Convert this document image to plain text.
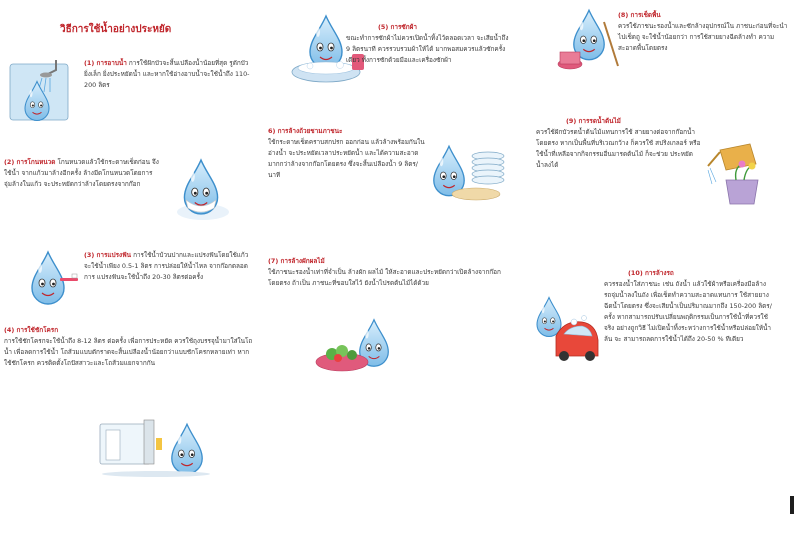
วิธีการใช้น้ำอย่างประหยัด
(1) การอาบน้ำ การใช้ฝักบัวจะสิ้นเปลืองน้ำน้อยที่สุด รูดักบัว ยิ่งเล็ก ยิ่งประหยัดน้ำ และหากใช้อ่างอาบน้ำจะใช้น้ำถึง 110-200 ลิตร
(2) การโกนหนวด โกนหนวดแล้วใช้กระดาษเช็ดก่อน จึงใช้น้ำ จากแก้วมาล้างอีกครั้ง ล้างมีดโกนหนวดโดยการ จุ่มล้างในแก้ว จะประหยัดกว่าล้างโดยตรงจากก๊อก
(3) การแปรงฟัน การใช้น้ำบ้วนปากและแปรงฟันโดยใช้แก้ว จะใช้น้ำเพียง 0.5-1 ลิตร การปล่อยให้น้ำไหล จากก๊อกตลอดการ แปรงฟันจะใช้น้ำถึง 20-30 ลิตรต่อครั้ง
(4) การใช้ชักโครก
การใช้ชักโครกจะใช้น้ำถึง 8-12 ลิตร ต่อครั้ง เพื่อการประหยัด ควรใช้ถุงบรรจุน้ำมาใส่ในโถน้ำ เพื่อลดการใช้น้ำ โถส้วมแบบตักราดจะสิ้นเปลืองน้ำน้อยกว่าแบบชักโครกหลายเท่า หากใช้ชักโครก ควรติดตั้งโถปัสสาวะและโถส้วมแยกจากกัน
(5) การซักผ้า
ขณะทำการซักผ้าไม่ควรเปิดน้ำทิ้งไว้ตลอดเวลา จะเสียน้ำถึง 9 ลิตรนาที ควรรวบรวมผ้าให้ได้ มากพอสมควรแล้วซักครั้งเดียว ทั้งการซักด้วยมือและเครื่องซักผ้า
6) การล้างถ้วยชามภาชนะ
ใช้กระดาษเช็ดคราบสกปรก ออกก่อน แล้วล้างพร้อมกันในอ่างน้ำ จะประหยัดเวลาประหยัดน้ำ และได้ความสะอาดมากกว่าล้างจากก๊อกโดยตรง ซึ่งจะสิ้นเปลืองน้ำ 9 ลิตร/นาที
(7) การล้างผักผลไม้
ใช้ภาชนะรองน้ำเท่าที่จำเป็น ล้างผัก ผลไม้ ให้สะอาดและประหยัดกว่าเปิดล้างจากก๊อกโดยตรง ถ้าเป็น ภาชนะที่ขอบใสไว้ ยังน้ำไปรดต้นไม้ได้ด้วย
(8) การเช็ดพื้น
ควรใช้ภาชนะรองน้ำและซักล้างอุปกรณ์ใน ภาชนะก่อนที่จะนำไปเช็ดถู จะใช้น้ำน้อยกว่า การใช้สายยางฉีดล้างทำ ความสะอาดพื้นโดยตรง
(9) การรดน้ำต้นไม้
ควรใช้ฝักบัวรดน้ำต้นไม้แทนการใช้ สายยางต่อจากก๊อกน้ำโดยตรง หากเป็นพื้นที่บริเวณกว้าง ก็ควรใช้ สปริงเกลอร์ หรือใช้น้ำที่เหลือจากกิจกรรมอื่นมารดต้นไม้ ก็จะช่วย ประหยัดน้ำลงได้
(10) การล้างรถ
ควรรองน้ำใส่ภาชนะ เช่น ถังน้ำ แล้วใช้ผ้าหรือเครื่องมือล้างรถจุ่มน้ำลงในถัง เพื่อเช็ดทำความสะอาดแทนการ ใช้สายยางฉีดน้ำโดยตรง ซึ่งจะเสียน้ำเป็นปริมาณมากถึง 150-200 ลิตร/ครั้ง หากสามารถปรับเปลี่ยนพฤติกรรมเป็นการใช้น้ำที่ควรใช้จริง อย่างถูกวิธี ไม่เปิดน้ำทิ้งระหว่างการใช้น้ำหรือปล่อยให้น้ำล้น จะ สามารถลดการใช้น้ำได้ถึง 20-50 % ทีเดียว
